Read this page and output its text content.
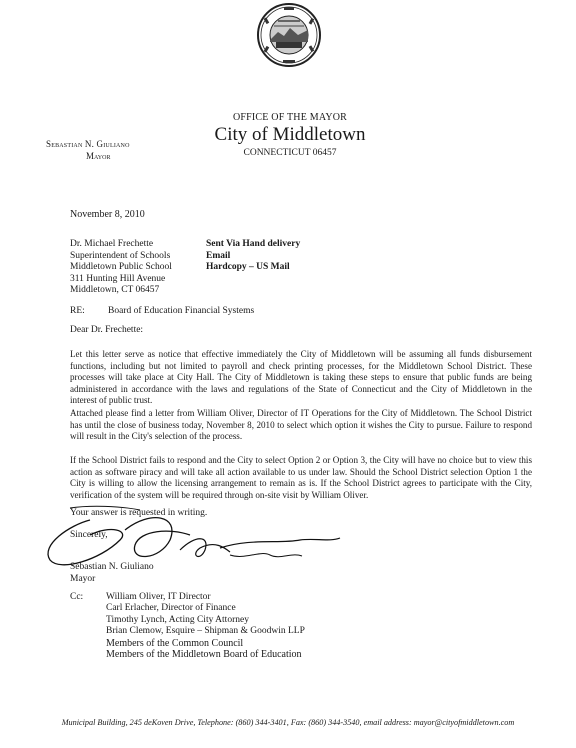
OFFICE OF THE MAYOR
City of Middletown
CONNECTICUT 06457
Sebastian N. Giuliano
Mayor
November 8, 2010
Dr. Michael Frechette
Superintendent of Schools
Middletown Public School
311 Hunting Hill Avenue
Middletown, CT 06457
Sent Via Hand delivery
Email
Hardcopy – US Mail
RE: Board of Education Financial Systems
Dear Dr. Frechette:

Let this letter serve as notice that effective immediately the City of Middletown will be assuming all funds disbursement functions, including but not limited to payroll and check printing processes, for the Middletown School District. These processes will take place at City Hall. The City of Middletown is taking these steps to ensure that public funds are being administered in accordance with the laws and regulations of the State of Connecticut and the City of Middletown in the interest of public trust.

Attached please find a letter from William Oliver, Director of IT Operations for the City of Middletown. The School District has until the close of business today, November 8, 2010 to select which option it wishes the City to pursue. Failure to respond will result in the City's selection of the process.

If the School District fails to respond and the City to select Option 2 or Option 3, the City will have no choice but to view this action as software piracy and will take all action available to us under law. Should the School District selection Option 1 the City is willing to allow the licensing arrangement to remain as is. If the School District agrees to participate with the City, verification of the system will be required through on-site visit by William Oliver.

Your answer is requested in writing.
Sincerely,
Sebastian N. Giuliano
Mayor
Cc: William Oliver, IT Director
Carl Erlacher, Director of Finance
Timothy Lynch, Acting City Attorney
Brian Clemow, Esquire – Shipman & Goodwin LLP
Members of the Common Council
Members of the Middletown Board of Education
Municipal Building, 245 deKoven Drive, Telephone: (860) 344-3401, Fax: (860) 344-3540, email address: mayor@cityofmiddletown.com
